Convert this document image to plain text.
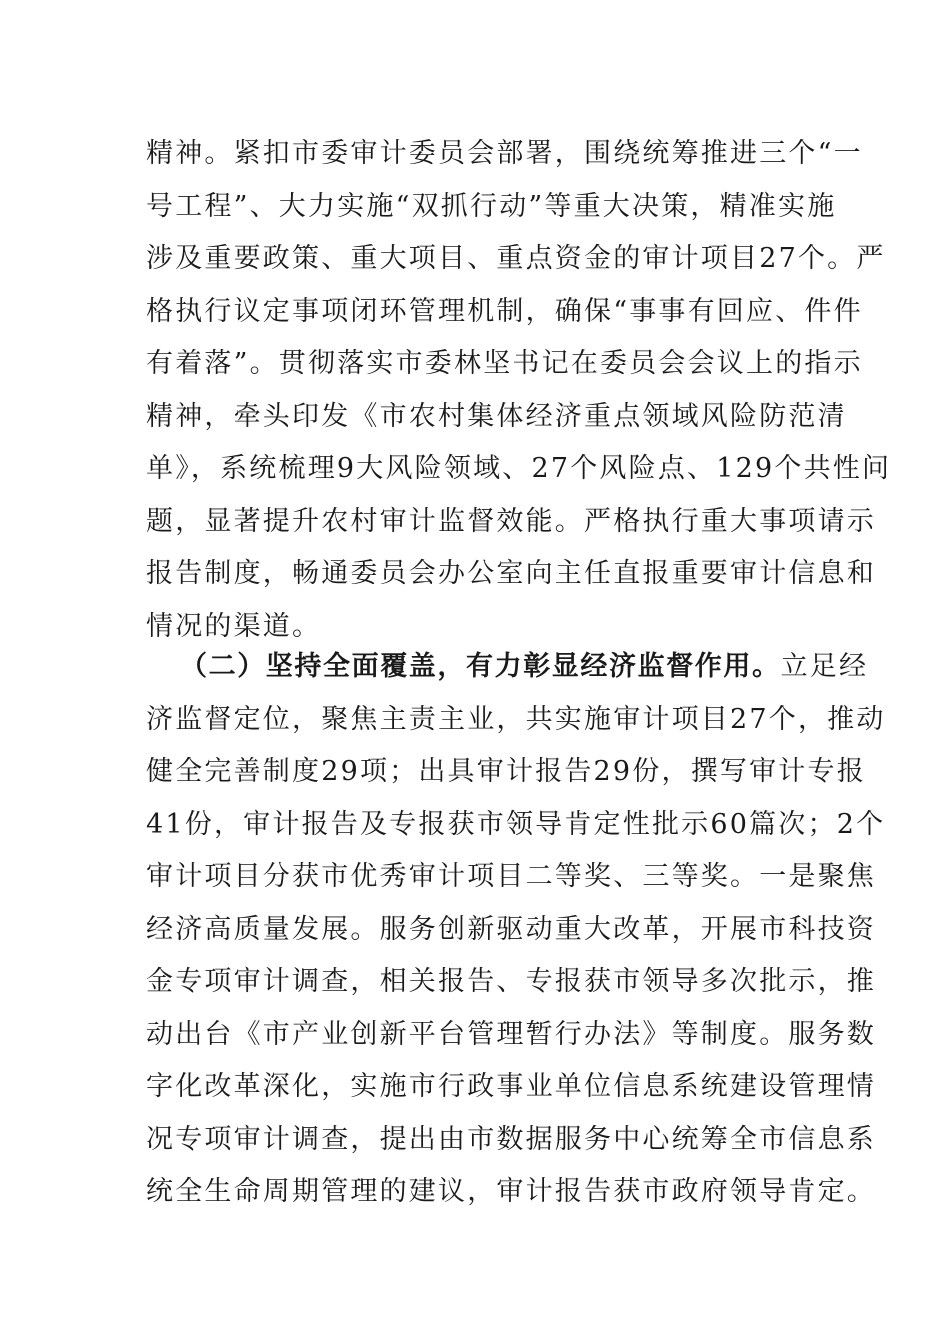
精神。紧扣市委审计委员会部署，围绕统筹推进三个“一
号工程”、大力实施“双抓行动”等重大决策，精准实施
涉及重要政策、重大项目、重点资金的审计项目27个。严
格执行议定事项闭环管理机制，确保“事事有回应、件件
有着落”。贯彻落实市委林坚书记在委员会会议上的指示
精神，牵头印发《市农村集体经济重点领域风险防范清
单》，系统梳理9大风险领域、27个风险点、129个共性问
题，显著提升农村审计监督效能。严格执行重大事项请示
报告制度，畅通委员会办公室向主任直报重要审计信息和
情况的渠道。
（二）坚持全面覆盖，有力彰显经济监督作用。立足经
济监督定位，聚焦主责主业，共实施审计项目27个，推动
健全完善制度29项；出具审计报告29份，撰写审计专报
41份，审计报告及专报获市领导肯定性批示60篇次；2个
审计项目分获市优秀审计项目二等奖、三等奖。一是聚焦
经济高质量发展。服务创新驱动重大改革，开展市科技资
金专项审计调查，相关报告、专报获市领导多次批示，推
动出台《市产业创新平台管理暂行办法》等制度。服务数
字化改革深化，实施市行政事业单位信息系统建设管理情
况专项审计调查，提出由市数据服务中心统筹全市信息系
统全生命周期管理的建议，审计报告获市政府领导肯定。
